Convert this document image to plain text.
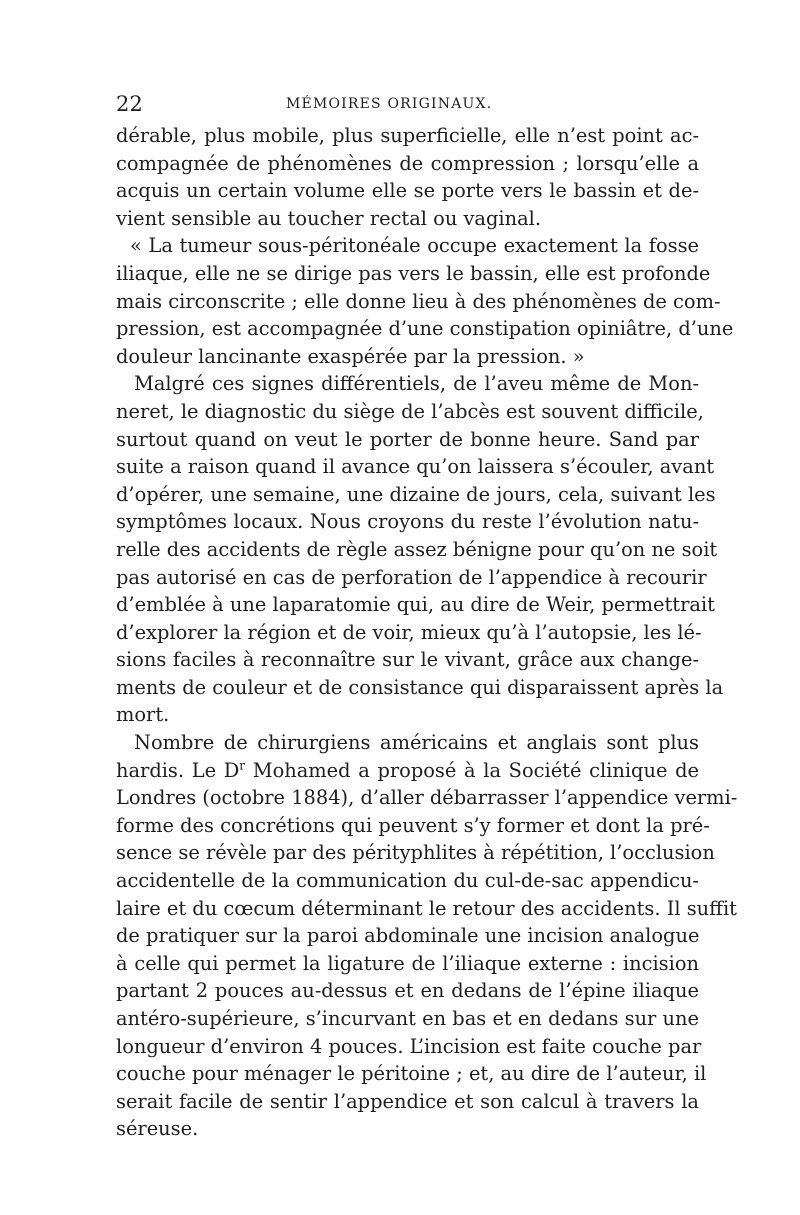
22	MÉMOIRES ORIGINAUX.

dérable, plus mobile, plus superficielle, elle n’est point ac-
compagnée de phénomènes de compression ; lorsqu’elle a
acquis un certain volume elle se porte vers le bassin et de-
vient sensible au toucher rectal ou vaginal.

« La tumeur sous-péritonéale occupe exactement la fosse
iliaque, elle ne se dirige pas vers le bassin, elle est profonde
mais circonscrite ; elle donne lieu à des phénomènes de com-
pression, est accompagnée d’une constipation opiniâtre, d’une
douleur lancinante exaspérée par la pression. »

Malgré ces signes différentiels, de l’aveu même de Mon-
neret, le diagnostic du siège de l’abcès est souvent difficile,
surtout quand on veut le porter de bonne heure. Sand par
suite a raison quand il avance qu’on laissera s’écouler, avant
d’opérer, une semaine, une dizaine de jours, cela, suivant les
symptômes locaux. Nous croyons du reste l’évolution natu-
relle des accidents de règle assez bénigne pour qu’on ne soit
pas autorisé en cas de perforation de l’appendice à recourir
d’emblée à une laparatomie qui, au dire de Weir, permettrait
d’explorer la région et de voir, mieux qu’à l’autopsie, les lé-
sions faciles à reconnaître sur le vivant, grâce aux change-
ments de couleur et de consistance qui disparaissent après la
mort.

Nombre de chirurgiens américains et anglais sont plus
hardis. Le $D^r$ Mohamed a proposé à la Société clinique de
Londres (octobre 1884), d’aller débarrasser l’appendice vermi-
forme des concrétions qui peuvent s’y former et dont la pré-
sence se révèle par des pérityphlites à répétition, l’occlusion
accidentelle de la communication du cul-de-sac appendicu-
laire et du cœcum déterminant le retour des accidents. Il suffit
de pratiquer sur la paroi abdominale une incision analogue
à celle qui permet la ligature de l’iliaque externe : incision
partant 2 pouces au-dessus et en dedans de l’épine iliaque
antéro-supérieure, s’incurvant en bas et en dedans sur une
longueur d’environ 4 pouces. L’incision est faite couche par
couche pour ménager le péritoine ; et, au dire de l’auteur, il
serait facile de sentir l’appendice et son calcul à travers la
séreuse.
